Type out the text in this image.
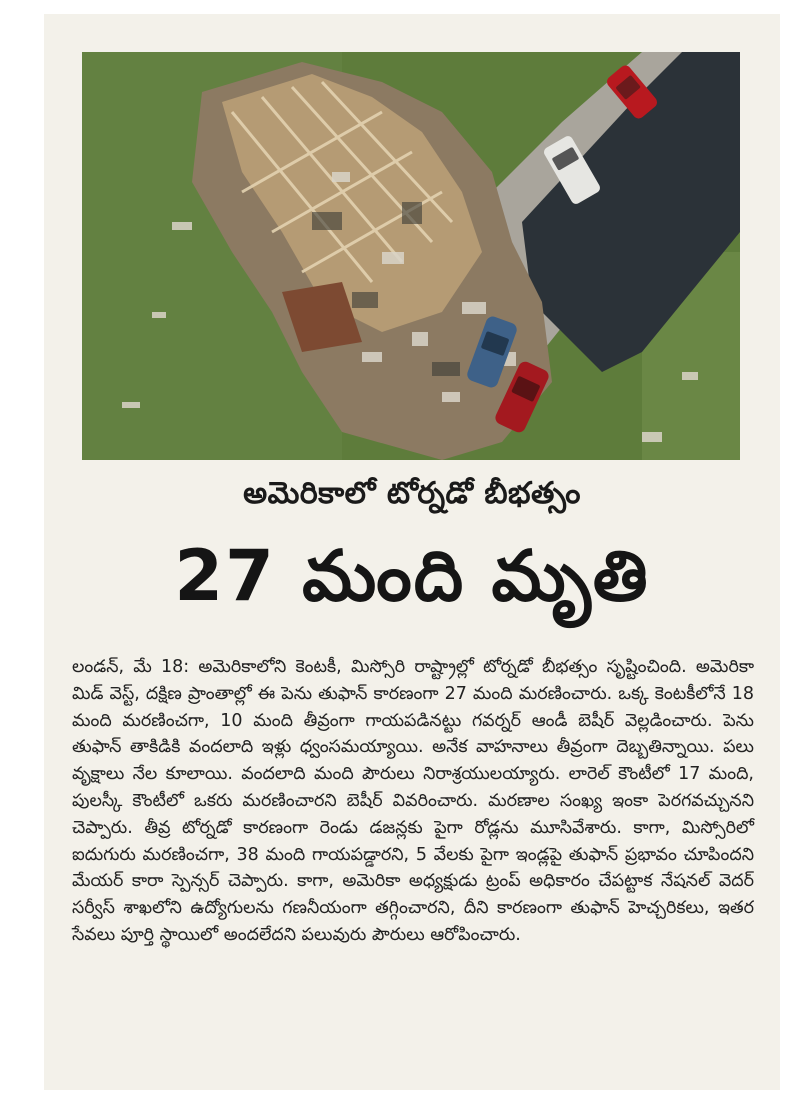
అమెరికాలో టోర్నడో బీభత్సం
27 మంది మృతి

లండన్, మే 18: అమెరికాలోని కెంటకీ, మిస్సోరి రాష్ట్రాల్లో టోర్నడో బీభత్సం సృష్టించింది. అమెరికా మిడ్ వెస్ట్, దక్షిణ ప్రాంతాల్లో ఈ పెను తుఫాన్ కారణంగా 27 మంది మరణించారు. ఒక్క కెంటకీలోనే 18 మంది మరణించగా, 10 మంది తీవ్రంగా గాయపడినట్టు గవర్నర్ ఆండీ బెషీర్ వెల్లడించారు. పెను తుఫాన్ తాకిడికి వందలాది ఇళ్లు ధ్వంసమయ్యాయి. అనేక వాహనాలు తీవ్రంగా దెబ్బతిన్నాయి. పలు వృక్షాలు నేల కూలాయి. వందలాది మంది పౌరులు నిరాశ్రయులయ్యారు. లారెల్ కౌంటీలో 17 మంది, పులస్కీ కౌంటీలో ఒకరు మరణించారని బెషీర్ వివరించారు. మరణాల సంఖ్య ఇంకా పెరగవచ్చునని చెప్పారు. తీవ్ర టోర్నడో కారణంగా రెండు డజన్లకు పైగా రోడ్లను మూసివేశారు. కాగా, మిస్సోరిలో ఐదుగురు మరణించగా, 38 మంది గాయపడ్డారని, 5 వేలకు పైగా ఇండ్లపై తుఫాన్ ప్రభావం చూపిందని మేయర్ కారా స్పెన్సర్ చెప్పారు. కాగా, అమెరికా అధ్యక్షుడు ట్రంప్ అధికారం చేపట్టాక నేషనల్ వెదర్ సర్వీస్ శాఖలోని ఉద్యోగులను గణనీయంగా తగ్గించారని, దీని కారణంగా తుఫాన్ హెచ్చరికలు, ఇతర సేవలు పూర్తి స్థాయిలో అందలేదని పలువురు పౌరులు ఆరోపించారు.
